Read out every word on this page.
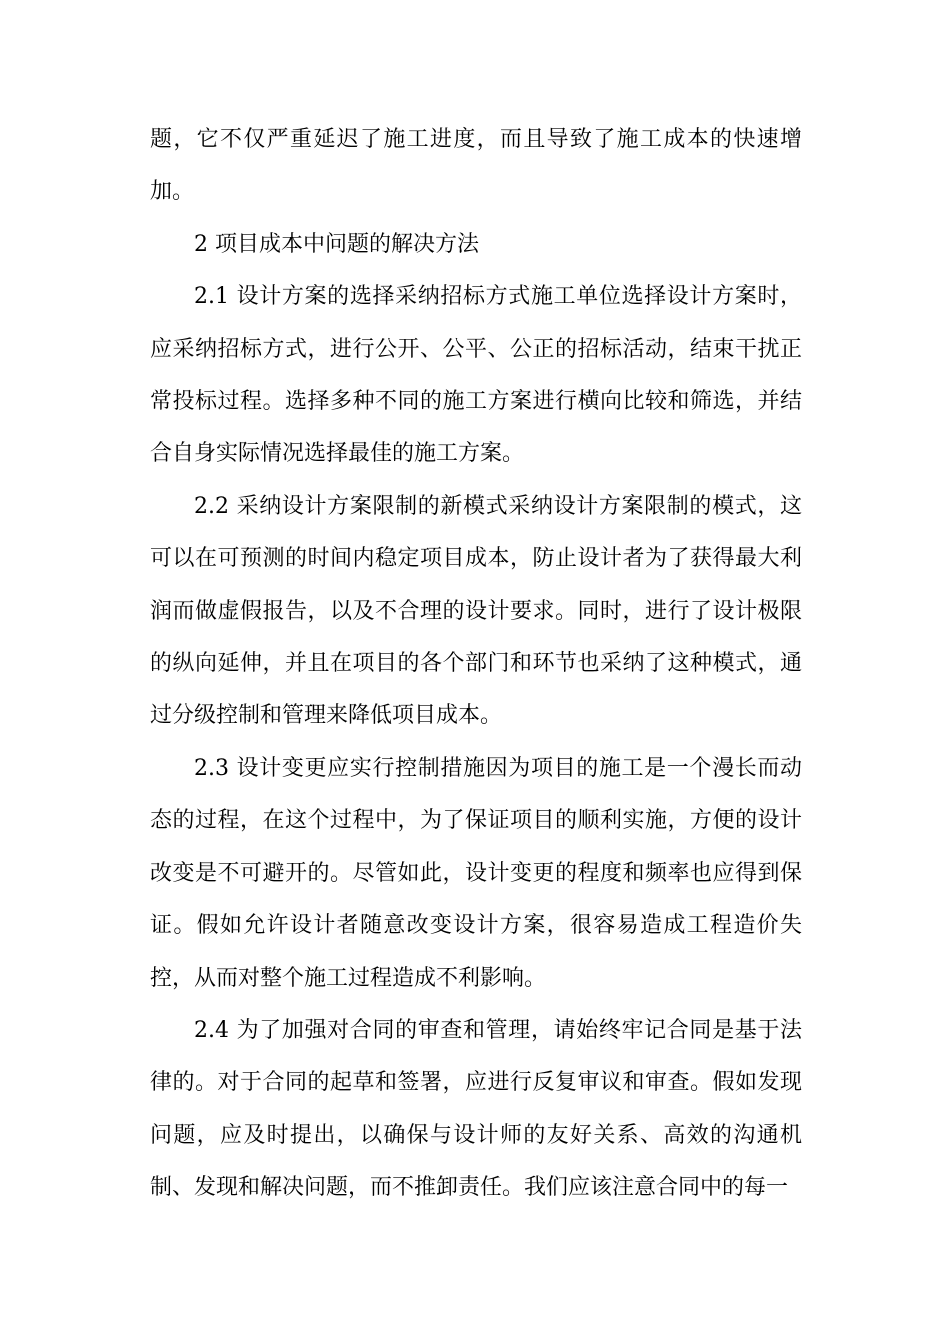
题，它不仅严重延迟了施工进度，而且导致了施工成本的快速增加。

2 项目成本中问题的解决方法

2.1 设计方案的选择采纳招标方式施工单位选择设计方案时，应采纳招标方式，进行公开、公平、公正的招标活动，结束干扰正常投标过程。选择多种不同的施工方案进行横向比较和筛选，并结合自身实际情况选择最佳的施工方案。

2.2 采纳设计方案限制的新模式采纳设计方案限制的模式，这可以在可预测的时间内稳定项目成本，防止设计者为了获得最大利润而做虚假报告，以及不合理的设计要求。同时，进行了设计极限的纵向延伸，并且在项目的各个部门和环节也采纳了这种模式，通过分级控制和管理来降低项目成本。

2.3 设计变更应实行控制措施因为项目的施工是一个漫长而动态的过程，在这个过程中，为了保证项目的顺利实施，方便的设计改变是不可避开的。尽管如此，设计变更的程度和频率也应得到保证。假如允许设计者随意改变设计方案，很容易造成工程造价失控，从而对整个施工过程造成不利影响。

2.4 为了加强对合同的审查和管理，请始终牢记合同是基于法律的。对于合同的起草和签署，应进行反复审议和审查。假如发现问题，应及时提出，以确保与设计师的友好关系、高效的沟通机制、发现和解决问题，而不推卸责任。我们应该注意合同中的每一
